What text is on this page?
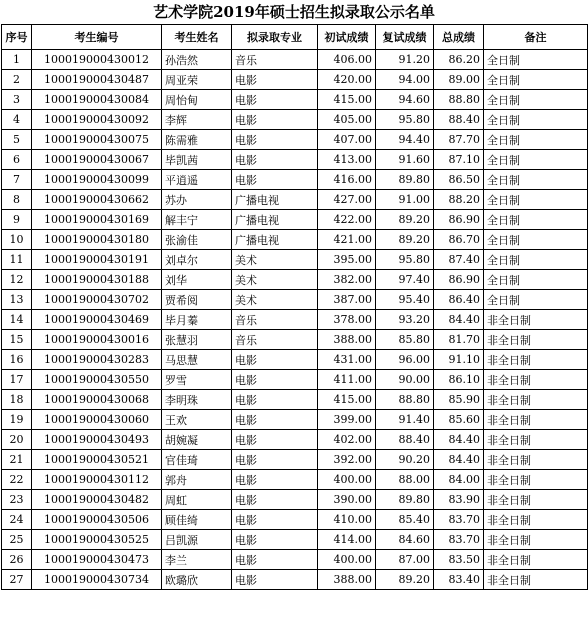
艺术学院2019年硕士招生拟录取公示名单
序号	考生编号	考生姓名	拟录取专业	初试成绩	复试成绩	总成绩	备注
1	100019000430012	孙浩然	音乐	406.00	91.20	86.20	全日制
2	100019000430487	周亚荣	电影	420.00	94.00	89.00	全日制
3	100019000430084	周怡甸	电影	415.00	94.60	88.80	全日制
4	100019000430092	李辉	电影	405.00	95.80	88.40	全日制
5	100019000430075	陈需雅	电影	407.00	94.40	87.70	全日制
6	100019000430067	毕凯茜	电影	413.00	91.60	87.10	全日制
7	100019000430099	平逍遥	电影	416.00	89.80	86.50	全日制
8	100019000430662	苏办	广播电视	427.00	91.00	88.20	全日制
9	100019000430169	解丰宁	广播电视	422.00	89.20	86.90	全日制
10	100019000430180	张渝佳	广播电视	421.00	89.20	86.70	全日制
11	100019000430191	刘卓尔	美术	395.00	95.80	87.40	全日制
12	100019000430188	刘华	美术	382.00	97.40	86.90	全日制
13	100019000430702	贾希阅	美术	387.00	95.40	86.40	全日制
14	100019000430469	毕月蓁	音乐	378.00	93.20	84.40	非全日制
15	100019000430016	张慧羽	音乐	388.00	85.80	81.70	非全日制
16	100019000430283	马思慧	电影	431.00	96.00	91.10	非全日制
17	100019000430550	罗雪	电影	411.00	90.00	86.10	非全日制
18	100019000430068	李明珠	电影	415.00	88.80	85.90	非全日制
19	100019000430060	王欢	电影	399.00	91.40	85.60	非全日制
20	100019000430493	胡婉凝	电影	402.00	88.40	84.40	非全日制
21	100019000430521	官佳琦	电影	392.00	90.20	84.40	非全日制
22	100019000430112	郭舟	电影	400.00	88.00	84.00	非全日制
23	100019000430482	周虹	电影	390.00	89.80	83.90	非全日制
24	100019000430506	顾佳绮	电影	410.00	85.40	83.70	非全日制
25	100019000430525	吕凯源	电影	414.00	84.60	83.70	非全日制
26	100019000430473	李兰	电影	400.00	87.00	83.50	非全日制
27	100019000430734	欧璐欣	电影	388.00	89.20	83.40	非全日制
